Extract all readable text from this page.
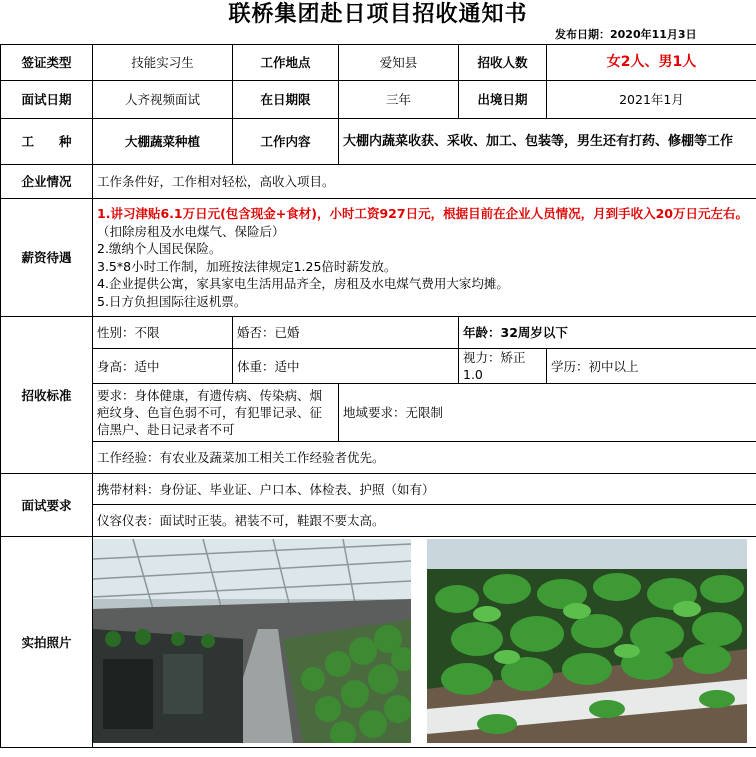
联桥集团赴日项目招收通知书
发布日期：2020年11月3日
签证类型	技能实习生	工作地点	爱知县	招收人数	女2人、男1人
面试日期	人齐视频面试	在日期限	三年	出境日期	2021年1月
工　　种	大棚蔬菜种植	工作内容	大棚内蔬菜收获、采收、加工、包装等，男生还有打药、修棚等工作		
企业情况	工作条件好，工作相对轻松，高收入项目。				
薪资待遇	1.讲习津贴6.1万日元(包含现金+食材)，小时工资927日元，根据目前在企业人员情况，月到手收入20万日元左右。（扣除房租及水电煤气、保险后）
2.缴纳个人国民保险。
3.5*8小时工作制，加班按法律规定1.25倍时薪发放。
4.企业提供公寓，家具家电生活用品齐全，房租及水电煤气费用大家均摊。
5.日方负担国际往返机票。				

招收标准	性别：不限	婚否：已婚		年龄：32周岁以下	
	身高：适中	体重：适中		视力：矫正1.0	学历：初中以上
	要求：身体健康，有遗传病、传染病、烟疤纹身、色盲色弱不可，有犯罪记录、征信黑户、赴日记录者不可		地域要求：无限制		
	工作经验：有农业及蔬菜加工相关工作经验者优先。				
面试要求	携带材料：身份证、毕业证、户口本、体检表、护照（如有）				
	仪容仪表：面试时正装。裙装不可，鞋跟不要太高。				
实拍照片	
